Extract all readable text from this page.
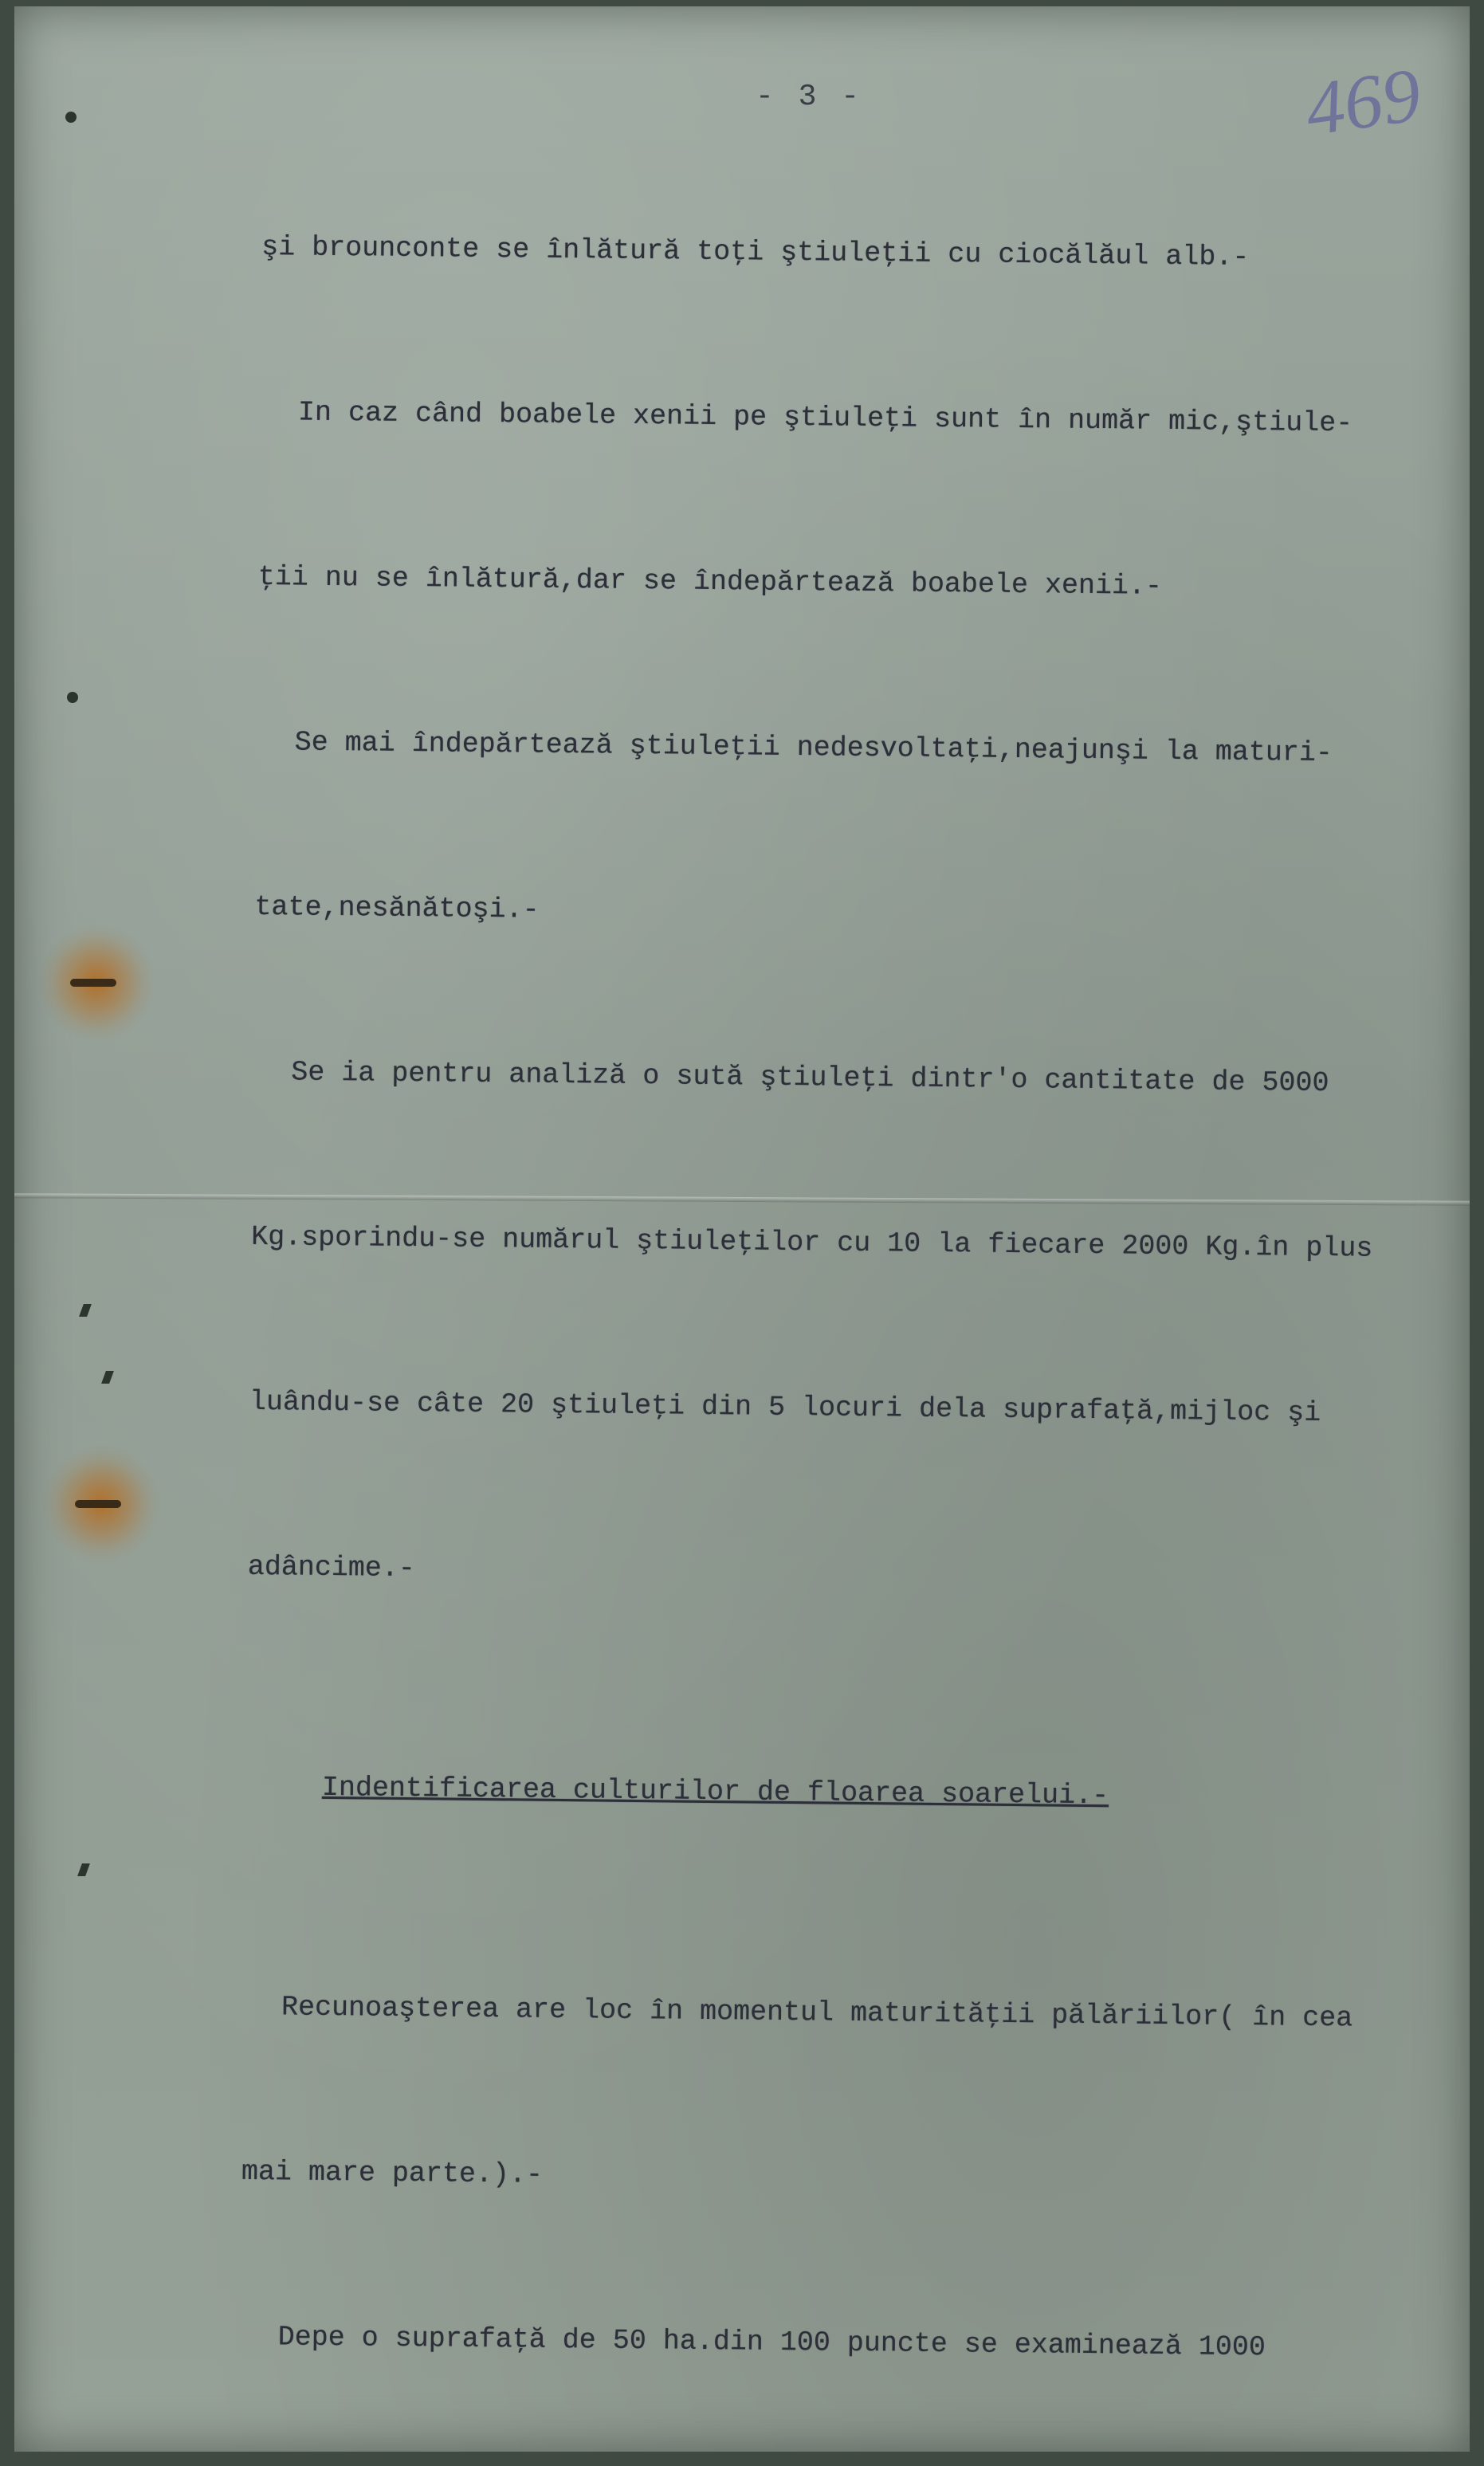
- 3 -	469

şi brounconte se înlătură toţi ştiuleţii cu ciocălăul alb.-

In caz când boabele xenii pe ştiuleţi sunt în număr mic,ştiule-

ţii nu se înlătură,dar se îndepărtează boabele xenii.-

Se mai îndepărtează ştiuleţii nedesvoltaţi,neajunşi la maturi-

tate,nesănătoşi.-

Se ia pentru analiză o sută ştiuleţi dintr'o cantitate de 5000

Kg.sporindu-se numărul ştiuleţilor cu 10 la fiecare 2000 Kg.în plus

luându-se câte 20 ştiuleţi din 5 locuri dela suprafaţă,mijloc şi

adâncime.-

Indentificarea culturilor de floarea soarelui.-

Recunoaşterea are loc în momentul maturităţii pălăriilor( în cea

mai mare parte.).-

Depe o suprafaţă de 50 ha.din 100 puncte se examinează 1000
